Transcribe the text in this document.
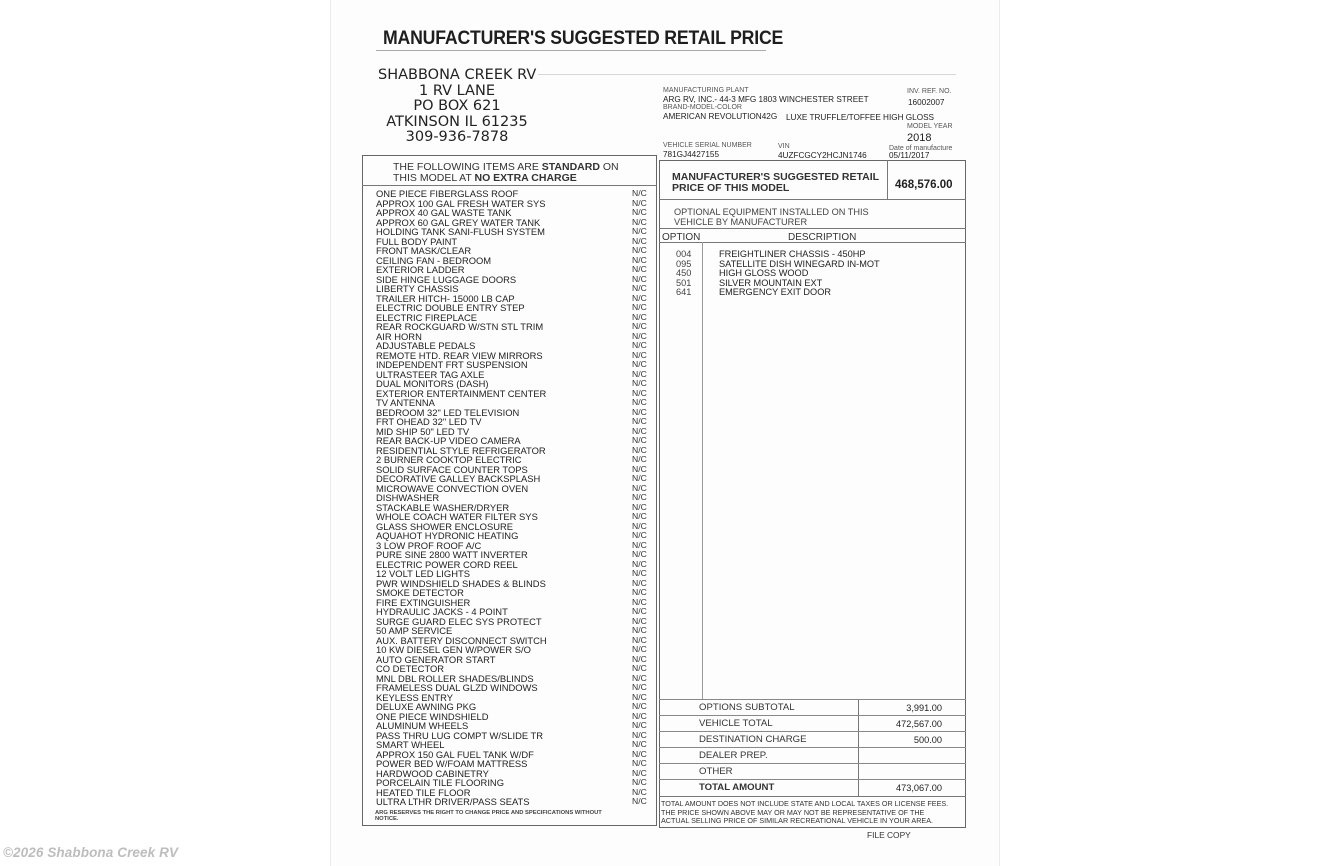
MANUFACTURER'S SUGGESTED RETAIL PRICE
SHABBONA CREEK RV
1 RV LANE
PO BOX 621
ATKINSON IL 61235
309-936-7878
MANUFACTURING PLANT
ARG RV, INC.- 44-3 MFG 1803 WINCHESTER STREET
BRAND-MODEL-COLOR
AMERICAN REVOLUTION42G LUXE TRUFFLE/TOFFEE HIGH GLOSS
INV. REF. NO.
16002007
MODEL YEAR
2018
VEHICLE SERIAL NUMBER
781GJ4427155
VIN
4UZFCGCY2HCJN1746
Date of manufacture
05/11/2017
THE FOLLOWING ITEMS ARE STANDARD ON
THIS MODEL AT NO EXTRA CHARGE
ONE PIECE FIBERGLASS ROOF	N/C
APPROX 100 GAL FRESH WATER SYS	N/C
APPROX 40 GAL WASTE TANK	N/C
APPROX 60 GAL GREY WATER TANK	N/C
HOLDING TANK SANI-FLUSH SYSTEM	N/C
FULL BODY PAINT	N/C
FRONT MASK/CLEAR	N/C
CEILING FAN - BEDROOM	N/C
EXTERIOR LADDER	N/C
SIDE HINGE LUGGAGE DOORS	N/C
LIBERTY CHASSIS	N/C
TRAILER HITCH- 15000 LB CAP	N/C
ELECTRIC DOUBLE ENTRY STEP	N/C
ELECTRIC FIREPLACE	N/C
REAR ROCKGUARD W/STN STL TRIM	N/C
AIR HORN	N/C
ADJUSTABLE PEDALS	N/C
REMOTE HTD. REAR VIEW MIRRORS	N/C
INDEPENDENT FRT SUSPENSION	N/C
ULTRASTEER TAG AXLE	N/C
DUAL MONITORS (DASH)	N/C
EXTERIOR ENTERTAINMENT CENTER	N/C
TV ANTENNA	N/C
BEDROOM 32" LED TELEVISION	N/C
FRT OHEAD 32" LED TV	N/C
MID SHIP 50" LED TV	N/C
REAR BACK-UP VIDEO CAMERA	N/C
RESIDENTIAL STYLE REFRIGERATOR	N/C
2 BURNER COOKTOP ELECTRIC	N/C
SOLID SURFACE COUNTER TOPS	N/C
DECORATIVE GALLEY BACKSPLASH	N/C
MICROWAVE CONVECTION OVEN	N/C
DISHWASHER	N/C
STACKABLE WASHER/DRYER	N/C
WHOLE COACH WATER FILTER SYS	N/C
GLASS SHOWER ENCLOSURE	N/C
AQUAHOT HYDRONIC HEATING	N/C
3 LOW PROF ROOF A/C	N/C
PURE SINE 2800 WATT INVERTER	N/C
ELECTRIC POWER CORD REEL	N/C
12 VOLT LED LIGHTS	N/C
PWR WINDSHIELD SHADES & BLINDS	N/C
SMOKE DETECTOR	N/C
FIRE EXTINGUISHER	N/C
HYDRAULIC JACKS - 4 POINT	N/C
SURGE GUARD ELEC SYS PROTECT	N/C
50 AMP SERVICE	N/C
AUX. BATTERY DISCONNECT SWITCH	N/C
10 KW DIESEL GEN W/POWER S/O	N/C
AUTO GENERATOR START	N/C
CO DETECTOR	N/C
MNL DBL ROLLER SHADES/BLINDS	N/C
FRAMELESS DUAL GLZD WINDOWS	N/C
KEYLESS ENTRY	N/C
DELUXE AWNING PKG	N/C
ONE PIECE WINDSHIELD	N/C
ALUMINUM WHEELS	N/C
PASS THRU LUG COMPT W/SLIDE TR	N/C
SMART WHEEL	N/C
APPROX 150 GAL FUEL TANK W/DF	N/C
POWER BED W/FOAM MATTRESS	N/C
HARDWOOD CABINETRY	N/C
PORCELAIN TILE FLOORING	N/C
HEATED TILE FLOOR	N/C
ULTRA LTHR DRIVER/PASS SEATS	N/C
ARG RESERVES THE RIGHT TO CHANGE PRICE AND SPECIFICATIONS WITHOUT
NOTICE.
MANUFACTURER'S SUGGESTED RETAIL
PRICE OF THIS MODEL	468,576.00
OPTIONAL EQUIPMENT INSTALLED ON THIS
VEHICLE BY MANUFACTURER
OPTION	DESCRIPTION
004	FREIGHTLINER CHASSIS - 450HP
095	SATELLITE DISH WINEGARD IN-MOT
450	HIGH GLOSS WOOD
501	SILVER MOUNTAIN EXT
641	EMERGENCY EXIT DOOR
OPTIONS SUBTOTAL	3,991.00
VEHICLE TOTAL	472,567.00
DESTINATION CHARGE	500.00
DEALER PREP.
OTHER
TOTAL AMOUNT	473,067.00
TOTAL AMOUNT DOES NOT INCLUDE STATE AND LOCAL TAXES OR LICENSE FEES.
THE PRICE SHOWN ABOVE MAY OR MAY NOT BE REPRESENTATIVE OF THE
ACTUAL SELLING PRICE OF SIMILAR RECREATIONAL VEHICLE IN YOUR AREA.
FILE COPY
©2026 Shabbona Creek RV
